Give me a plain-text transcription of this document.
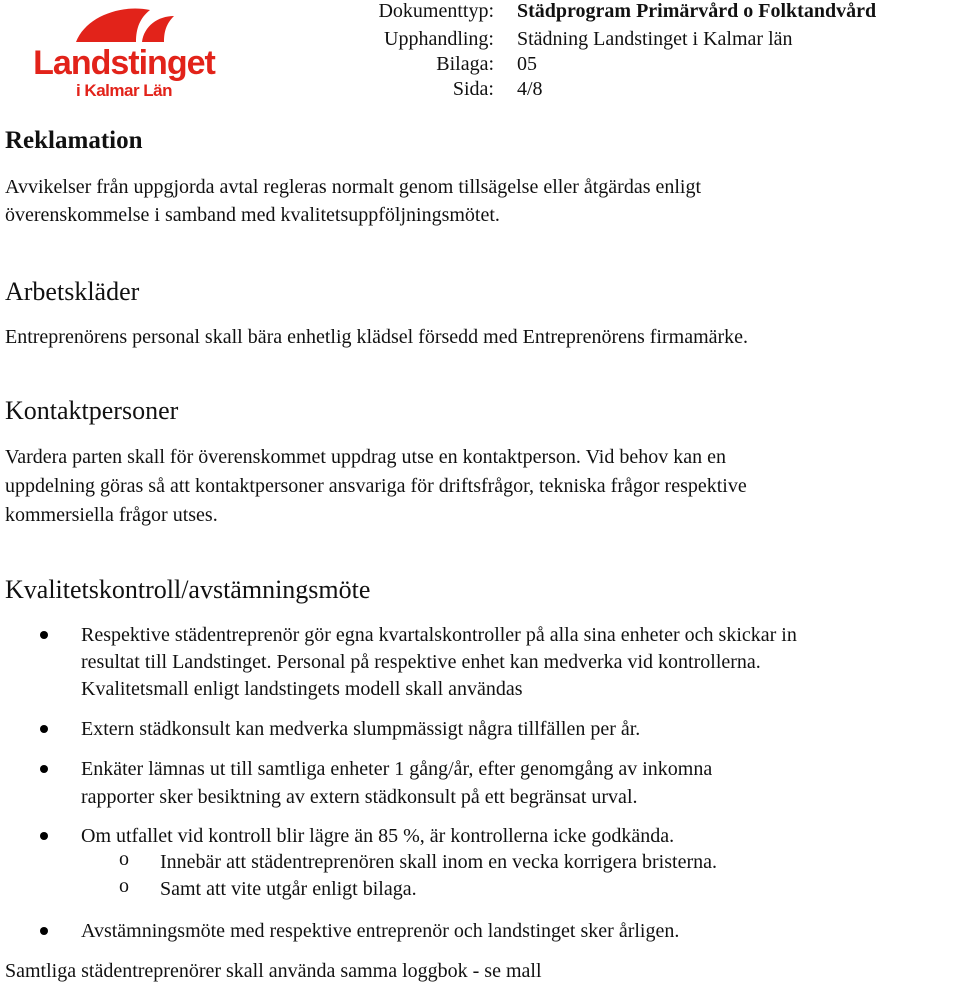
Landstinget
i Kalmar Län
Dokumenttyp: Städprogram Primärvård o Folktandvård
Upphandling: Städning Landstinget i Kalmar län
Bilaga: 05
Sida: 4/8
Reklamation
Avvikelser från uppgjorda avtal regleras normalt genom tillsägelse eller åtgärdas enligt
överenskommelse i samband med kvalitetsuppföljningsmötet.
Arbetskläder
Entreprenörens personal skall bära enhetlig klädsel försedd med Entreprenörens firmamärke.
Kontaktpersoner
Vardera parten skall för överenskommet uppdrag utse en kontaktperson. Vid behov kan en
uppdelning göras så att kontaktpersoner ansvariga för driftsfrågor, tekniska frågor respektive
kommersiella frågor utses.
Kvalitetskontroll/avstämningsmöte
Respektive städentreprenör gör egna kvartalskontroller på alla sina enheter och skickar in
resultat till Landstinget. Personal på respektive enhet kan medverka vid kontrollerna.
Kvalitetsmall enligt landstingets modell skall användas
Extern städkonsult kan medverka slumpmässigt några tillfällen per år.
Enkäter lämnas ut till samtliga enheter 1 gång/år, efter genomgång av inkomna
rapporter sker besiktning av extern städkonsult på ett begränsat urval.
Om utfallet vid kontroll blir lägre än 85 %, är kontrollerna icke godkända.
o Innebär att städentreprenören skall inom en vecka korrigera bristerna.
o Samt att vite utgår enligt bilaga.
Avstämningsmöte med respektive entreprenör och landstinget sker årligen.
Samtliga städentreprenörer skall använda samma loggbok - se mall
